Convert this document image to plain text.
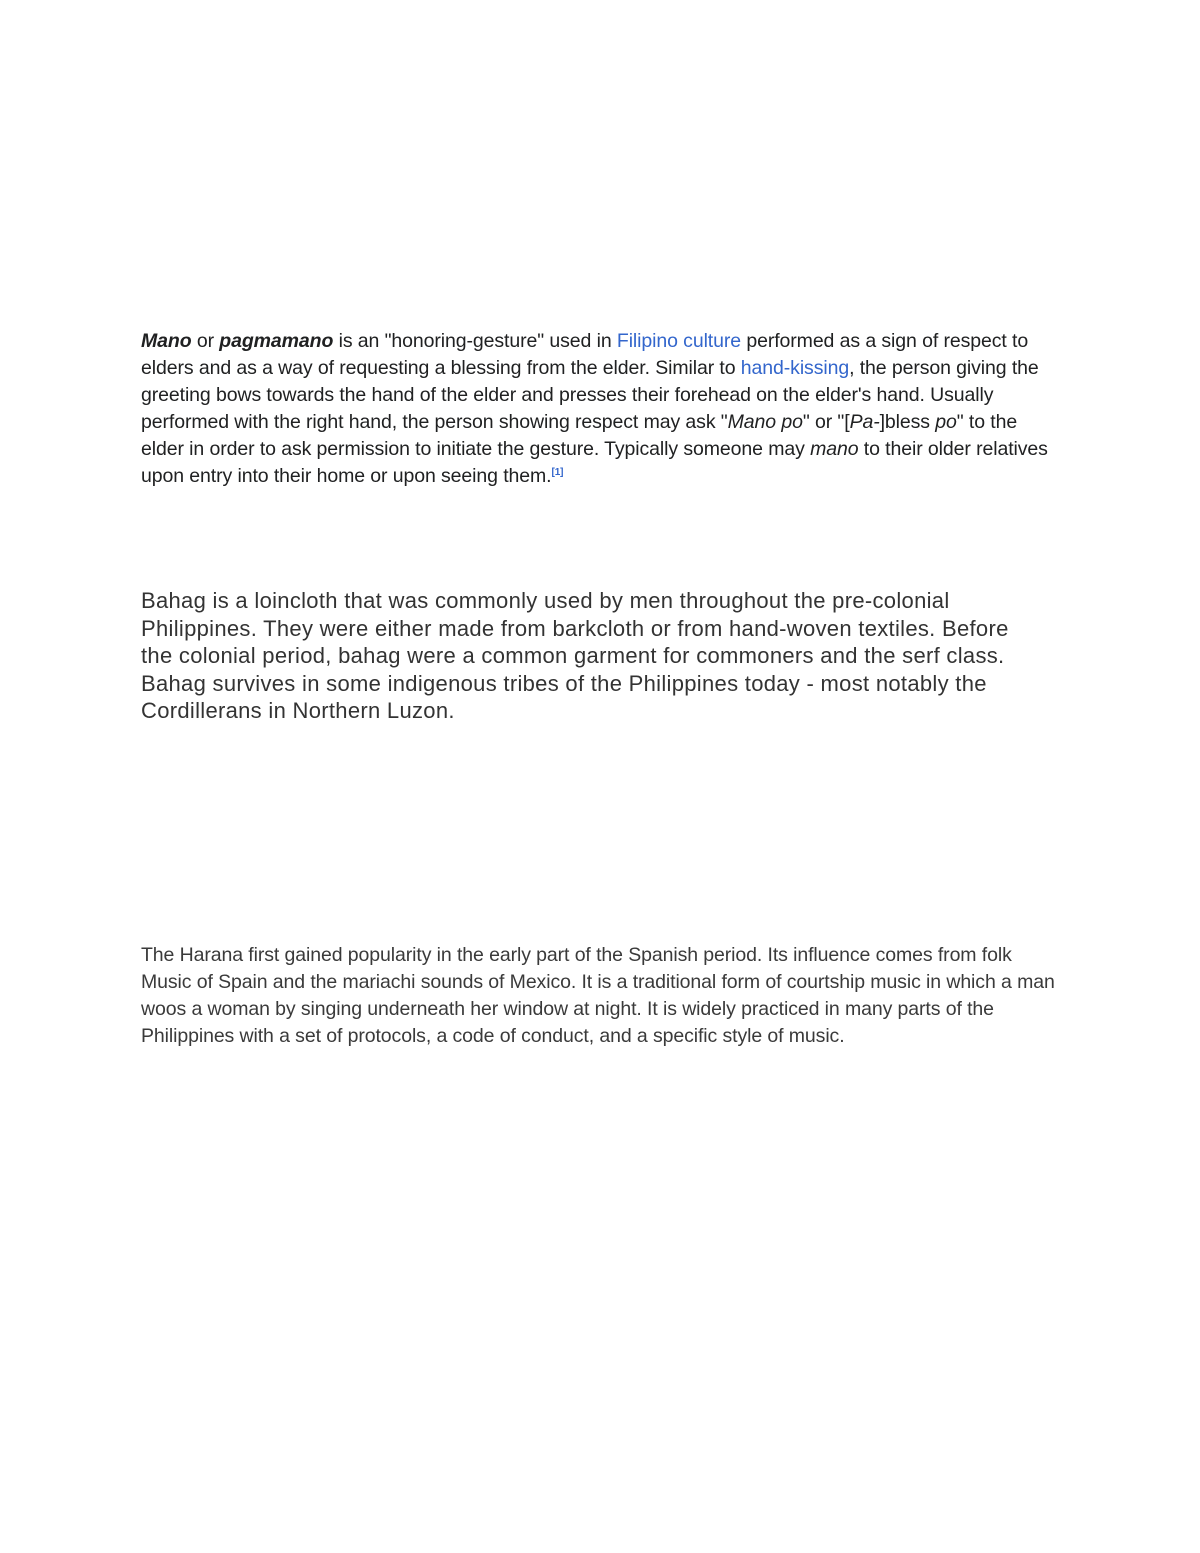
Mano or pagmamano is an "honoring-gesture" used in Filipino culture performed as a sign of respect to elders and as a way of requesting a blessing from the elder. Similar to hand-kissing, the person giving the greeting bows towards the hand of the elder and presses their forehead on the elder's hand. Usually performed with the right hand, the person showing respect may ask "Mano po" or "[Pa-]bless po" to the elder in order to ask permission to initiate the gesture. Typically someone may mano to their older relatives upon entry into their home or upon seeing them.[1]

Bahag is a loincloth that was commonly used by men throughout the pre-colonial Philippines. They were either made from barkcloth or from hand-woven textiles. Before the colonial period, bahag were a common garment for commoners and the serf class. Bahag survives in some indigenous tribes of the Philippines today - most notably the Cordillerans in Northern Luzon.

The Harana first gained popularity in the early part of the Spanish period. Its influence comes from folk Music of Spain and the mariachi sounds of Mexico. It is a traditional form of courtship music in which a man woos a woman by singing underneath her window at night. It is widely practiced in many parts of the Philippines with a set of protocols, a code of conduct, and a specific style of music.
